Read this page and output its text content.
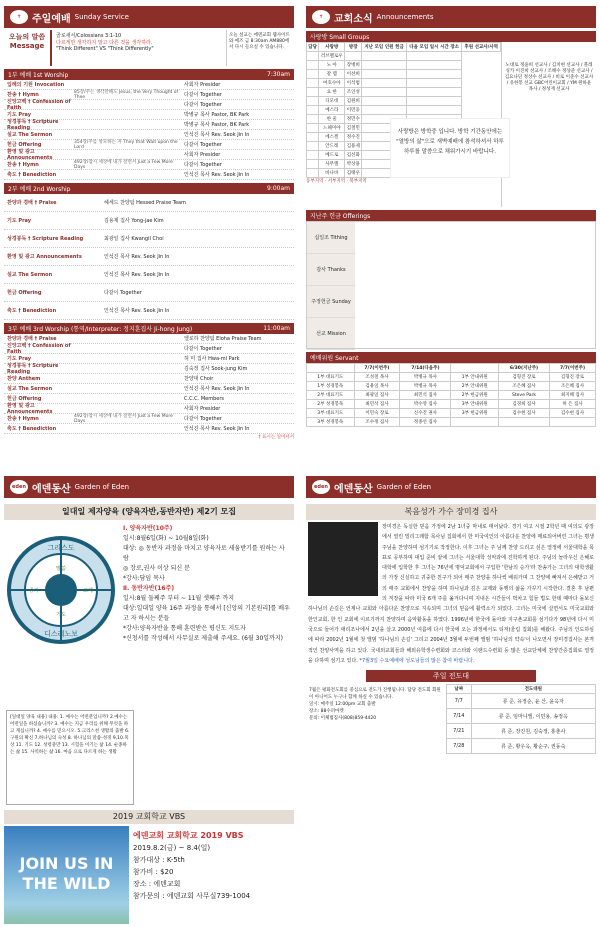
✝	주일예배 Sunday Service
오늘의 말씀 Message
골로새서/Colossians 3:1-10
다르게만 생각하지 말고 다른 것을 생각하라.
"Think Different" VS "Think Differently"
오늘 설교는 에덴교회 웹사이트와 애즈 금 8:30am AM880에서 다시 들으실 수 있습니다.
1부 예배 1st Worship	7:30am
입례의 기원 Invocation	사회자 Presider
찬송 † Hymn	85장/주는 생각만해도 Jesus, the Very Thought of Thee	다같이 Together
신앙고백 † Confession of Faith	다같이 Together
기도 Pray	박병규 목사 Pastor, BK Park
성경봉독 † Scripture Reading	박병규 목사 Pastor, BK Park
설교 The Sermon	인석진 목사 Rev. Seok Jin In
헌금 Offering	354장/주를 앙모하는 자 They that Wait upon the Lord	다같이 Together
환영 및 광고 Announcements	사회자 Presider
찬송 † Hymn	492장/잠시 세상에 내가 살면서 Just a Few More Days	다같이 Together
축도 † Benediction	인석진 목사 Rev. Seok Jin In
2부 예배 2nd Worship	9:00am
찬양과 경배 † Praise	헤세드 찬양팀 Hessed Praise Team
기도 Pray	김용제 집사 Yong-jae Kim
성경봉독 † Scripture Reading	최광일 집사 Kwangil Choi
환영 및 광고 Announcements	인석진 목사 Rev. Seok Jin In
설교 The Sermon	인석진 목사 Rev. Seok Jin In
헌금 Offering	다같이 Together
축도 † Benediction	인석진 목사 Rev. Seok Jin In
3부 예배 3rd Worship (통역/Interpreter: 정지훈집사 Ji-hong Jung)	11:00am
찬양과 경배 † Praise	엘로하 찬양팀 Eloha Praise Team
신앙고백 † Confession of Faith	다같이 Together
기도 Pray	허 미 집사 Hwa-mi Park
성경봉독 † Scripture Reading	김숙정 집사 Sook-jung Kim
찬양 Anthem	찬양대 Choir
설교 The Sermon	인석진 목사 Rev. Seok Jin In
헌금 Offering	C.C.C. Members
환영 및 광고 Announcements	사회자 Presider
찬송 † Hymn	492장/잠시 세상에 내가 살면서 Just a Few More Days	다같이 Together
축도 † Benediction	인석진 목사 Rev. Seok Jin In
† 표시는 일어서서
✝	교회소식 Announcements
사랑방 Small Groups
담당	사랑방	방장	지난 모임 인원 헌금	다음 모임 일시 시간 장소	후원 선교사/사역
	러브펠로우				
	노 아	장병희			
	갈 렙	이선희			
	여호수아	이석범			
	요 한	조인성			
	디모데	김원희			
	예스라	이민웅			
	한 울	정민수			
	느헤미야	김철민			
	에스겔	정수진			
	안드레	김용제			
	베드로	김선화			
	사무엘	박상용			
	바나바	김태우			
동부지역 · 서부지역 · 북부지역
노대로 정윤희 선교사 / 김치현 선교사 / 블레싱카 이진희 선교사 / 조해수 정상준 선교사 / 김요나단 정상수 선교사 / 비로 이준수 선교사 / 유한봉 선교 GBC어린이교회 / YM 원하윤 목사 / 정성재 선교사
사랑방은 방학중 입니다. 방학 기간동안에는 "열방의 삶"으로 새벽예배에 참석하셔서 하루하루를 말씀으로 채워가시기 바랍니다.
지난주 헌금 Offerings
십일조 Tithing
감사 Thanks
주정헌금 Sunday
선교 Mission
예배위원 Servant
	7/7(이번주)	7/14(다음주)		6/30(지난주)	7/7(이번주)
1부 대표기도	조성철 목사	박병규 목사	1부 안내위원	김형진 장로	김형진 장로
1부 성경봉독	김용일 목사	박병규 목사	2부 안내위원	조은혜 집사	조은혜 집사
2부 대표기도	최광일 집사	최민석 집사	2부 헌금위원	Steve Park	최지혜 집사
2부 성경봉독	최민석 집사	박수영 집사	3부 안내위원	김경희 집사	허 은 집사
3부 대표기도	이민숙 장로	신수진 권사	3부 헌금위원	김수현 집사	김수현 집사
3부 성경봉독	조수정 집사	정종선 집사			
eden 에덴동산 Garden of Eden
일대일 제자양육 (양육자반,동반자반) 제2기 모집
그리스도
디스레노보
말씀
기도
증거	교제
Ⅰ. 양육자반(10주)
일시:8월6일(화) ~ 10월8일(화)
대상: ◎ 동반자 과정을 마치고 양육자로 세움받기를 원하는 사람
◎ 장로,권사 이상 되신 분
*강사:담임 목사
Ⅱ. 동반자반(16주)
일시:8월 둘째주 부터 ~ 11월 셋째주 까지
대상:일대일 양육 16주 과정을 통해서 [신앙의 기본원리]를 배우고 자 하시는 분들
*강사:양육자반을 통해 훈련받은 평신도 지도자
*신청서를 작성해서 사무실로 제출해 주세요. (6월 30일까지)
[일대일 양육 내용] 내용: 1. 예수는 어떤분입니까? 2.예수는 어떤일을 하셨습니까? 3. 예수는 지금 우리를 위해 무엇을 하고 계십니까? 4. 예수를 믿으시오. 5.크리스천 생활의 출발 6.구원의 확신 7.하나님의 숙성 8. 하나님의 말씀-성경 9,10.묵상 11. 기도 12. 성령충만 13. 시험을 이기는 삶 14. 순종하는 삶 15. 사역하는 삶 16. 마음 으로 다르게 하는 생활
2019 교회학교 VBS
JOIN US IN THE WILD
에덴교회 교회학교 2019 VBS
2019.8.2(금) ~ 8.4(일)
참가대상 : K-5th
참가비 : $20
장소 : 에덴교회
참가문의 : 에덴교회 사무실739-1004
eden 에덴동산 Garden of Eden
복음성가 가수 장미경 집사
장미경은 독실한 믿음 가정에 2남 1녀중 막내로 태어났다. 경기 여고 시절 2학년 때 여의도 광장에서 열린 빌리그래함 목사님 집회에서 한 미국여인의 아름다운 찬양에 매료되어버린 그녀는 평생주님을 찬양하며 섬기기로 작정한다. 이후 그녀는 주 님께 찬양 드리고 싶은 열정에 서울대학을 목표로 공부하며 대입 준비 끝에 그녀는 서울대학 성악과에 진학하게 된다. 주님의 놀라우신 은혜로 대학에 입학한 후 그녀는 76년에 명덕교회에서 구입한 '한남의 승가'라 찬송가는 그녀의 대학생활의 가장 신실하고 귀중한 친구가 되어 매주 찬양을 하나씩 배워가며 그 찬양에 빠져서 은혜받고 거의 매주 교회에서 찬양을 하며 하나님과 깊은 교제와 동행의 삶을 가꾸기 시작한다. 결혼 후 남편의 직장을 따라 미국 6개 주를 옮겨다니며 지내온 시간들이 벅차고 힘들 법도 한데 때마다 돌보신 하나님의 손길은 언제나 교회와 아름다운 찬양으로 지속되며 그녀의 믿음에 활력소가 되었다. 그녀는 미국에 살면서도 미국교회와 한인교회, 한 인 교회에 이르기까지 찬양하며 음악활동을 하였다. 1996년에 한국에 돌아와 지구촌교회를 섬기다가 98년에 다시 미국으로 들어가 애리조나에서 2년을 살고 2000년 여름에 다시 한국에 오는 과정에서도 티저(울림 집회)를 해왔다. 주님의 인도하심에 따라 2002년 1월에 첫 앨범 '하나님의 손길' 그리고 2004년 3월에 두번째 앨범 '하나님의 약속'이 나오면서 장미경집사는 본격적인 찬양사역을 하고 있다. 국내외교회들과 해외유학생수련회와 코스타와 이랜드수련회 등 많은 선교단체에 찬양간증집회로 열정을 다하며 섬기고 있다. *7월3일 수요예배에 성도님들의 많은 참여 바랍니다.
주일 전도대
7월은 평화전도회를 중심으로 전도가 진행됩니다. 담당 전도회 회원이 아니어도 누구나 함께 하실 수 있습니다.
일시: 매주일 12:00pm 교회 출발
장소: 88수퍼마켓
문의: 이체범집사(808)859-4420
날짜	전도대원
7/7	류 준, 유정순, 윤 산, 윤옥자
7/14	류 준, 임마니엘, 이민용, 송정옥
7/21	류 준, 장진원, 김숙정, 홍춘사
7/28	류 준, 황우옥, 황순구, 권동숙
